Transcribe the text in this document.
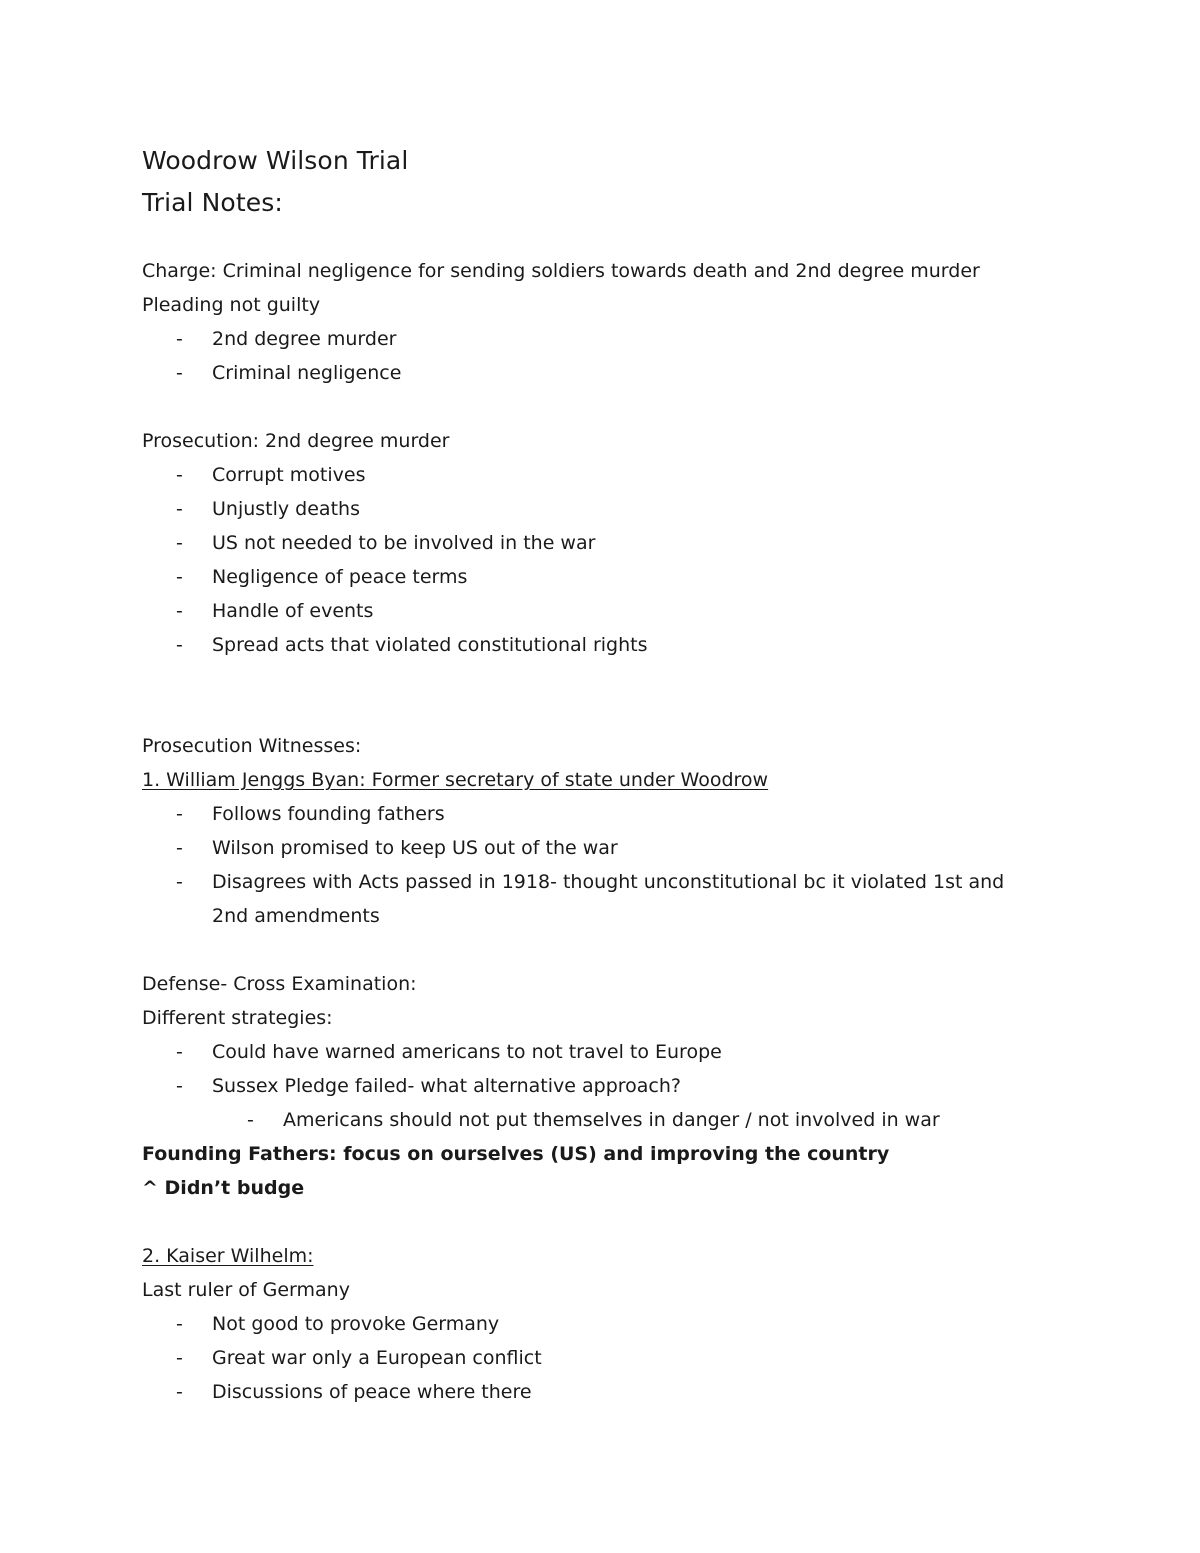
Woodrow Wilson Trial

Trial Notes:

Charge: Criminal negligence for sending soldiers towards death and 2nd degree murder

Pleading not guilty

- 2nd degree murder
- Criminal negligence

Prosecution: 2nd degree murder

- Corrupt motives
- Unjustly deaths
- US not needed to be involved in the war
- Negligence of peace terms
- Handle of events
- Spread acts that violated constitutional rights

Prosecution Witnesses:

1. William Jenggs Byan: Former secretary of state under Woodrow

- Follows founding fathers
- Wilson promised to keep US out of the war
- Disagrees with Acts passed in 1918- thought unconstitutional bc it violated 1st and 2nd amendments

Defense- Cross Examination:

Different strategies:

- Could have warned americans to not travel to Europe
- Sussex Pledge failed- what alternative approach?
- Americans should not put themselves in danger / not involved in war

Founding Fathers: focus on ourselves (US) and improving the country

^ Didn’t budge

2. Kaiser Wilhelm:

Last ruler of Germany

- Not good to provoke Germany
- Great war only a European conflict
- Discussions of peace where there
